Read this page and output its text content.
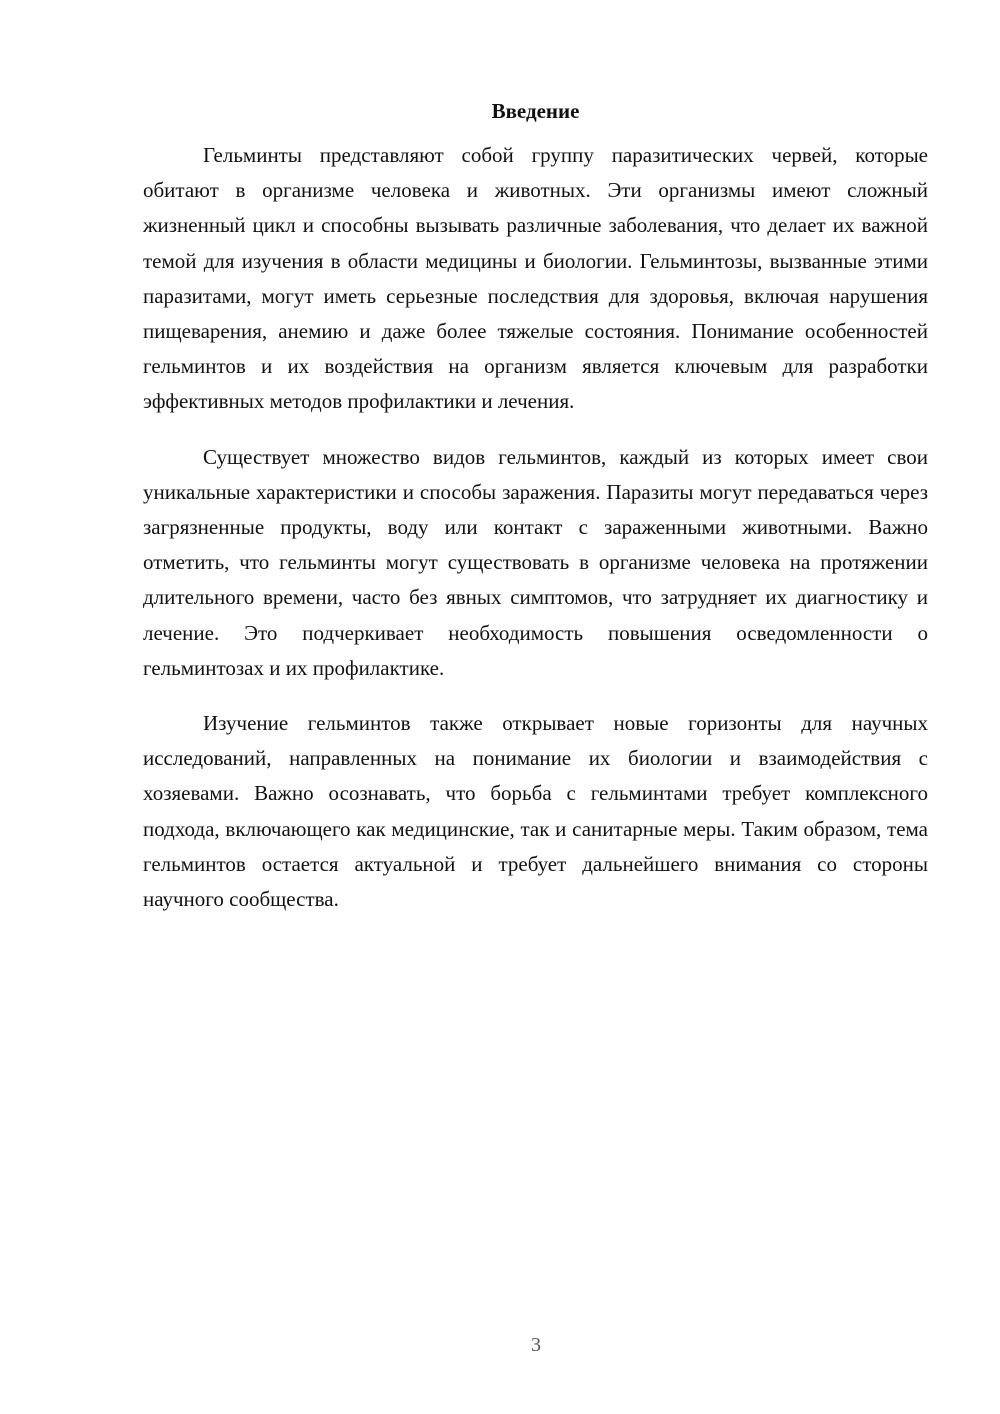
Введение

Гельминты представляют собой группу паразитических червей, которые обитают в организме человека и животных. Эти организмы имеют сложный жизненный цикл и способны вызывать различные заболевания, что делает их важной темой для изучения в области медицины и биологии. Гельминтозы, вызванные этими паразитами, могут иметь серьезные последствия для здоровья, включая нарушения пищеварения, анемию и даже более тяжелые состояния. Понимание особенностей гельминтов и их воздействия на организм является ключевым для разработки эффективных методов профилактики и лечения.

Существует множество видов гельминтов, каждый из которых имеет свои уникальные характеристики и способы заражения. Паразиты могут передаваться через загрязненные продукты, воду или контакт с зараженными животными. Важно отметить, что гельминты могут существовать в организме человека на протяжении длительного времени, часто без явных симптомов, что затрудняет их диагностику и лечение. Это подчеркивает необходимость повышения осведомленности о гельминтозах и их профилактике.

Изучение гельминтов также открывает новые горизонты для научных исследований, направленных на понимание их биологии и взаимодействия с хозяевами. Важно осознавать, что борьба с гельминтами требует комплексного подхода, включающего как медицинские, так и санитарные меры. Таким образом, тема гельминтов остается актуальной и требует дальнейшего внимания со стороны научного сообщества.

3
